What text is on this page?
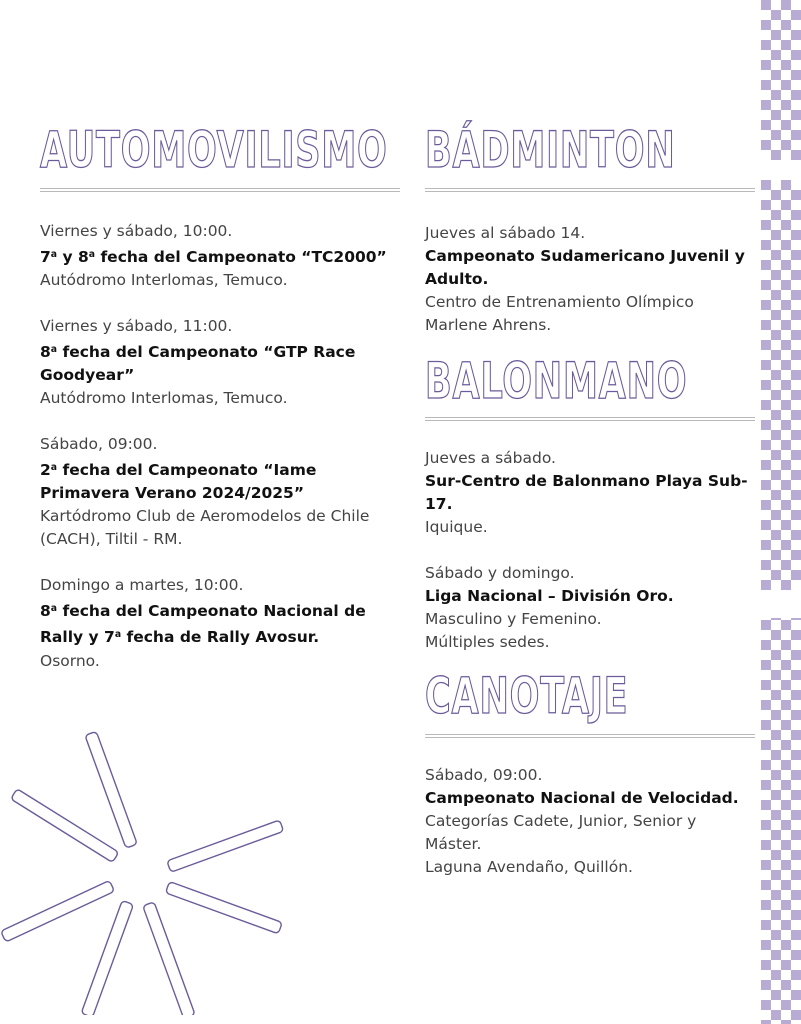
AUTOMOVILISMO
Viernes y sábado, 10:00.
7$^a$ y 8$^a$ fecha del Campeonato “TC2000”
Autódromo Interlomas, Temuco.
Viernes y sábado, 11:00.
8$^a$ fecha del Campeonato “GTP Race Goodyear”
Autódromo Interlomas, Temuco.
Sábado, 09:00.
2$^a$ fecha del Campeonato “Iame Primavera Verano 2024/2025”
Kartódromo Club de Aeromodelos de Chile (CACH), Tiltil - RM.
Domingo a martes, 10:00.
8$^a$ fecha del Campeonato Nacional de Rally y 7$^a$ fecha de Rally Avosur.
Osorno.
BÁDMINTON
Jueves al sábado 14.
Campeonato Sudamericano Juvenil y Adulto.
Centro de Entrenamiento Olímpico Marlene Ahrens.
BALONMANO
Jueves a sábado.
Sur-Centro de Balonmano Playa Sub-17.
Iquique.
Sábado y domingo.
Liga Nacional – División Oro.
Masculino y Femenino.
Múltiples sedes.
CANOTAJE
Sábado, 09:00.
Campeonato Nacional de Velocidad.
Categorías Cadete, Junior, Senior y Máster.
Laguna Avendaño, Quillón.
